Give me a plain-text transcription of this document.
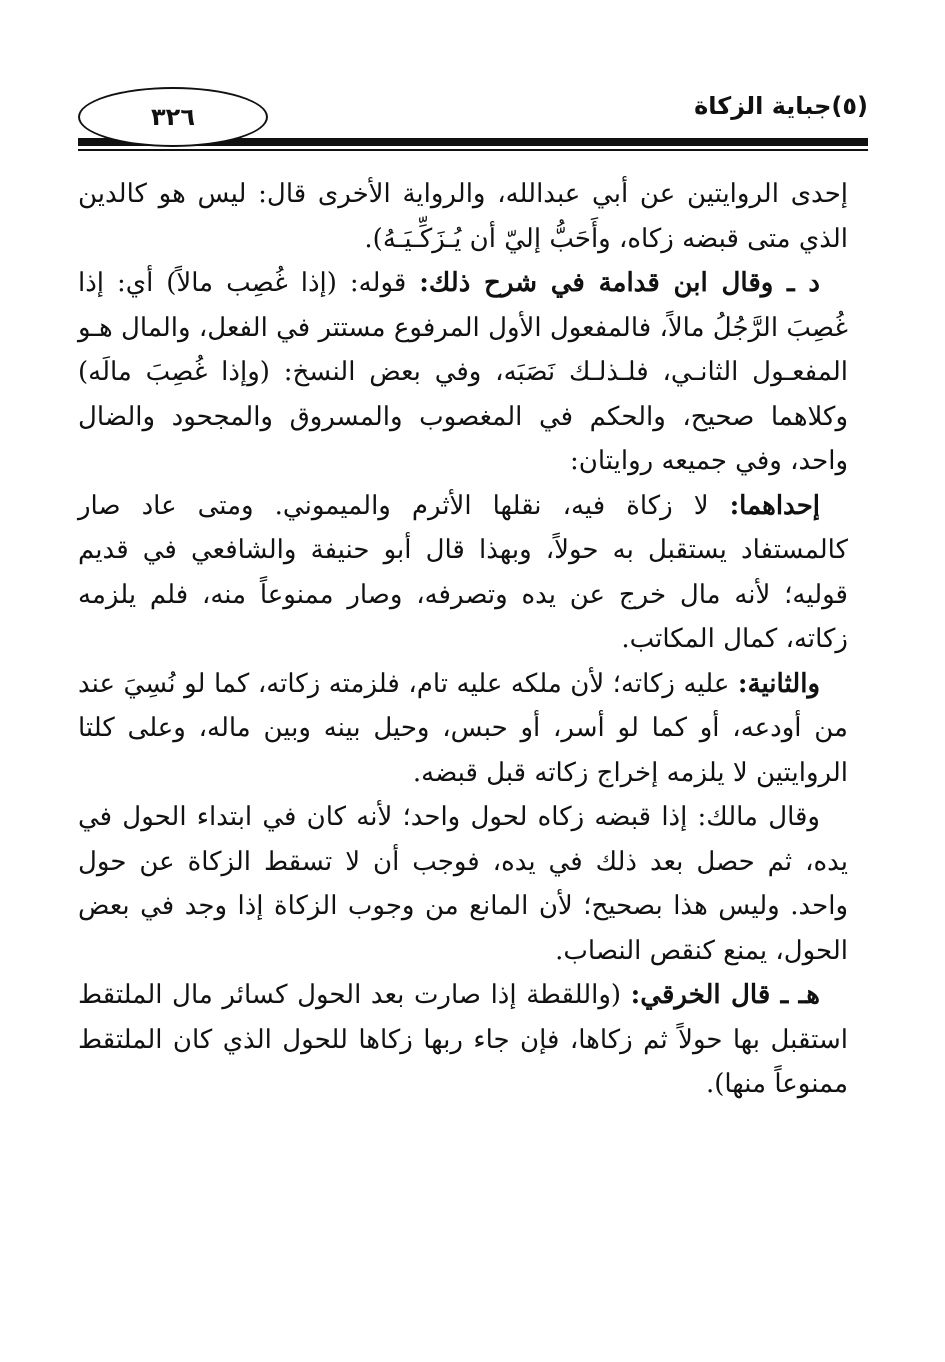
٣٢٦	(٥)جباية الزكاة

إحدى الروايتين عن أبي عبدالله، والرواية الأخرى قال: ليس هو كالدين الذي متى قبضه زكاه، وأَحَبُّ إليّ أن يُـزَكِّـيَـهُ).

د ـ وقال ابن قدامة في شرح ذلك: قوله: (إذا غُصِب مالاً) أي: إذا غُصِبَ الرَّجُلُ مالاً، فالمفعول الأول المرفوع مستتر في الفعل، والمال هـو المفعـول الثانـي، فلـذلـك نَصَبَه، وفي بعض النسخ: (وإذا غُصِبَ مالَه) وكلاهما صحيح، والحكم في المغصوب والمسروق والمجحود والضال واحد، وفي جميعه روايتان:

إحداهما: لا زكاة فيه، نقلها الأثرم والميموني. ومتى عاد صار كالمستفاد يستقبل به حولاً، وبهذا قال أبو حنيفة والشافعي في قديم قوليه؛ لأنه مال خرج عن يده وتصرفه، وصار ممنوعاً منه، فلم يلزمه زكاته، كمال المكاتب.

والثانية: عليه زكاته؛ لأن ملكه عليه تام، فلزمته زكاته، كما لو نُسِيَ عند من أودعه، أو كما لو أسر، أو حبس، وحيل بينه وبين ماله، وعلى كلتا الروايتين لا يلزمه إخراج زكاته قبل قبضه.

وقال مالك: إذا قبضه زكاه لحول واحد؛ لأنه كان في ابتداء الحول في يده، ثم حصل بعد ذلك في يده، فوجب أن لا تسقط الزكاة عن حول واحد. وليس هذا بصحيح؛ لأن المانع من وجوب الزكاة إذا وجد في بعض الحول، يمنع كنقص النصاب.

هـ ـ قال الخرقي: (واللقطة إذا صارت بعد الحول كسائر مال الملتقط استقبل بها حولاً ثم زكاها، فإن جاء ربها زكاها للحول الذي كان الملتقط ممنوعاً منها).
